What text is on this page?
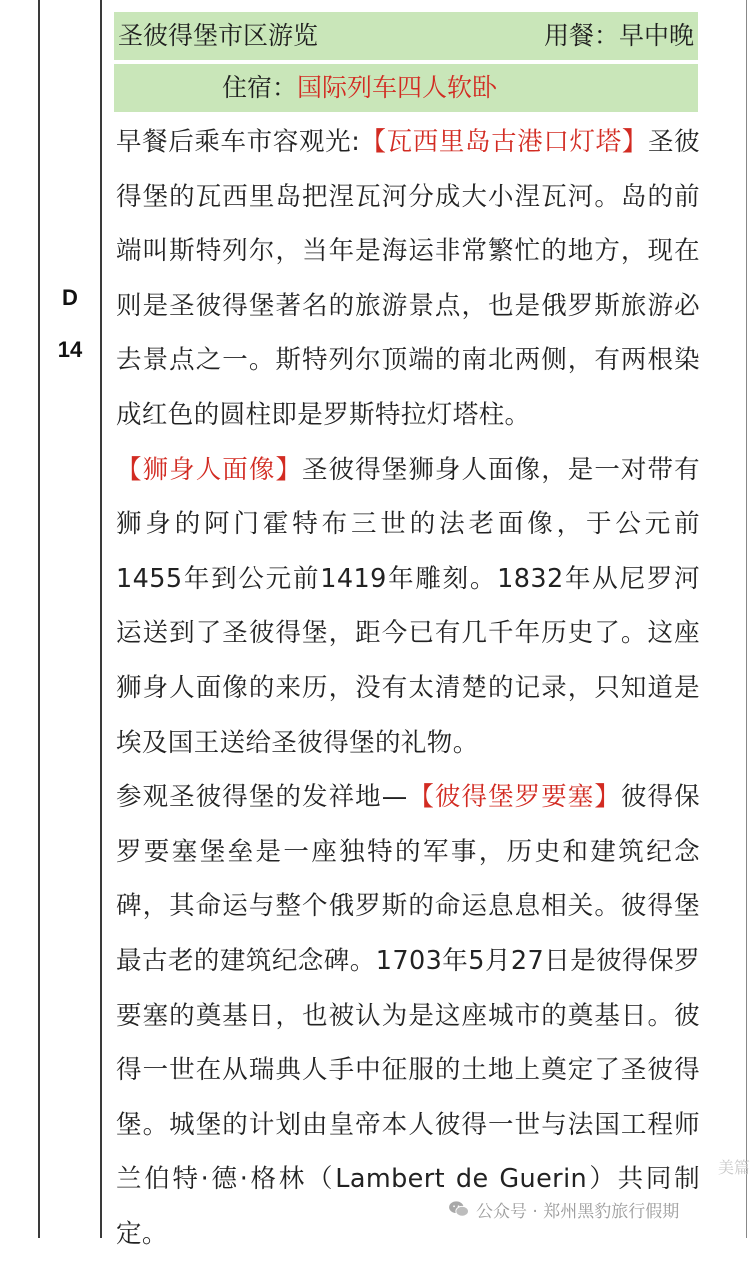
D
14
圣彼得堡市区游览	用餐：早中晚
住宿：国际列车四人软卧

早餐后乘车市容观光:【瓦西里岛古港口灯塔】圣彼得堡的瓦西里岛把涅瓦河分成大小涅瓦河。岛的前端叫斯特列尔，当年是海运非常繁忙的地方，现在则是圣彼得堡著名的旅游景点，也是俄罗斯旅游必去景点之一。斯特列尔顶端的南北两侧，有两根染成红色的圆柱即是罗斯特拉灯塔柱。

【狮身人面像】圣彼得堡狮身人面像，是一对带有狮身的阿门霍特布三世的法老面像，于公元前1455年到公元前1419年雕刻。1832年从尼罗河运送到了圣彼得堡，距今已有几千年历史了。这座狮身人面像的来历，没有太清楚的记录，只知道是埃及国王送给圣彼得堡的礼物。

参观圣彼得堡的发祥地—【彼得堡罗要塞】彼得保罗要塞堡垒是一座独特的军事，历史和建筑纪念碑，其命运与整个俄罗斯的命运息息相关。彼得堡最古老的建筑纪念碑。1703年5月27日是彼得保罗要塞的奠基日，也被认为是这座城市的奠基日。彼得一世在从瑞典人手中征服的土地上奠定了圣彼得堡。城堡的计划由皇帝本人彼得一世与法国工程师兰伯特·德·格林（Lambert de Guerin）共同制定。

美篇
公众号 · 郑州黑豹旅行假期
